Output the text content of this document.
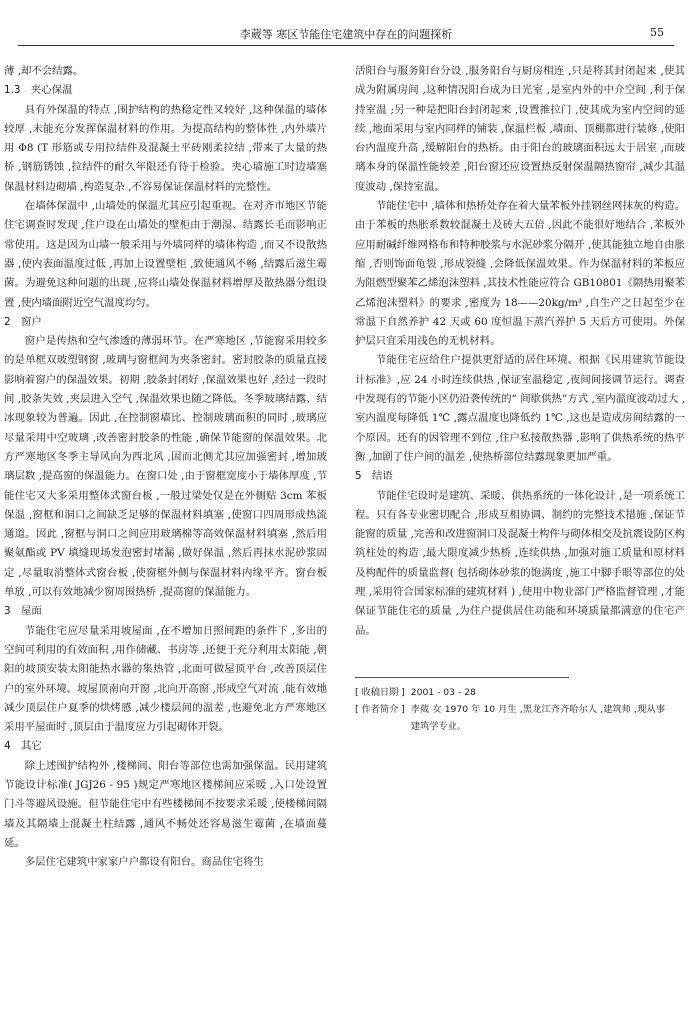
李葳等 寒区节能住宅建筑中存在的问题探析	55

薄 ,却不会结露。

1.3　夹心保温

具有外保温的特点 ,围护结构的热稳定性又较好 ,这种保温的墙体较厚 ,未能充分发挥保温材料的作用。为提高结构的整体性 ,内外墙片用 Φ8 (T 形筋或专用拉结件及混凝土平砖刚柔拉结 ,带来了大量的热桥 ,钢筋锈蚀 ,拉结件的耐久年限还有待于检验。夹心墙施工时边墙塞保温材料边砌墙 ,构造复杂 ,不容易保证保温材料的完整性。

在墙体保温中 ,山墙处的保温尤其应引起重视。在对齐市地区节能住宅调查时发现 ,住户设在山墙处的壁柜由于潮湿、结露长毛而影响正常使用。这是因为山墙一般采用与外墙同样的墙体构造 ,而又不设散热器 ,使内表面温度过低 ,再加上设置壁柜 ,致使通风不畅 ,结露后滋生霉菌。为避免这种问题的出现 ,应将山墙处保温材料增厚及散热器分组设置 ,使内墙面附近空气温度均匀。

2　窗户

窗户是传热和空气渗透的薄弱环节。在严寒地区 ,节能窗采用较多的是单框双玻塑钢窗 ,玻璃与窗框间为夹条密封。密封胶条的质量直接影响着窗户的保温效果。初期 ,胶条封闭好 ,保温效果也好 ,经过一段时间 ,胶条失效 ,夹层进入空气 ,保温效果也随之降低。冬季玻璃结露、结冰现象较为普遍。因此 ,在控制窗墙比、控制玻璃面积的同时 ,玻璃应尽量采用中空玻璃 ,改善密封胶条的性能 ,确保节能窗的保温效果。北方严寒地区冬季主导风向为西北风 ,因而北侧尤其应加强密封 ,增加玻璃层数 ,提高窗的保温能力。在窗口处 ,由于窗框宽度小于墙体厚度 ,节能住宅又大多采用整体式窗台板 ,一般过梁处仅是在外侧贴 3cm 苯板保温 ,窗框和洞口之间缺乏足够的保温材料填塞 ,使窗口四周形成热流通道。因此 ,窗框与洞口之间应用玻璃棉等高效保温材料填塞 ,然后用聚氨酯或 PV 填缝现场发泡密封堵漏 ,做好保温 ,然后再抹水泥砂浆固定 ,尽量取消整体式窗台板 ,使窗框外侧与保温材料内缘平齐。窗台板单放 ,可以有效地减少窗周围热桥 ,提高窗的保温能力。

3　屋面

节能住宅应尽量采用坡屋面 ,在不增加日照间距的条件下 ,多出的空间可利用的有效面积 ,用作储藏、书房等 ,还便于充分利用太阳能 ,朝阳的坡顶安装太阳能热水器的集热管 ,北面可做屋顶平台 ,改善顶层住户的室外环境。坡屋顶南向开窗 ,北向开高窗 ,形成空气对流 ,能有效地减少顶层住户夏季的烘烤感 ,减少楼层间的温差 ,也避免北方严寒地区采用平屋面时 ,顶层由于温度应力引起砌体开裂。

4　其它

除上述围护结构外 ,楼梯间、阳台等部位也需加强保温。民用建筑节能设计标准( JGJ26 - 95 )规定严寒地区楼梯间应采暖 ,入口处设置门斗等避风设施。但节能住宅中有些楼梯间不按要求采暖 ,使楼梯间隔墙及其隔墙上混凝土柱结露 ,通风不畅处还容易滋生霉菌 ,在墙面蔓延。

多层住宅建筑中家家户户都设有阳台。商品住宅将生

活阳台与服务阳台分设 ,服务阳台与厨房相连 ,只是将其封闭起来 ,使其成为附属房间 ,这种情况阳台成为日光室 ,是室内外的中介空间 ,利于保持室温 ;另一种是把阳台封闭起来 ,设置推拉门 ,使其成为室内空间的延续 ,地面采用与室内同样的铺装 ,保温栏板 ,墙面、顶棚都进行装修 ,使阳台内温度升高 ,缓解阳台的热桥。由于阳台的玻璃面积远大于居室 ,而玻璃本身的保温性能较差 ,阳台窗还应设置热反射保温隔热窗帘 ,减少其温度波动 ,保持室温。

节能住宅中 ,墙体和热桥处存在着大量苯板外挂钢丝网抹灰的构造。由于苯板的热胀系数较混凝土及砖大五倍 ,因此不能很好地结合 ,苯板外应用耐碱纤维网格布和特种胶浆与水泥砂浆分隔开 ,使其能独立地自由胀缩 ,否则饰面龟裂 ,形成裂缝 ,会降低保温效果。作为保温材料的苯板应为阻燃型聚苯乙烯泡沫塑料 ,其技术性能应符合 GB10801《隔热用聚苯乙烯泡沫塑料》的要求 ,密度为 18——20kg/m³ ,自生产之日起至少在常温下自然养护 42 天或 60 度恒温下蒸汽养护 5 天后方可使用。外保护层只宜采用浅色的无机材料。

节能住宅应给住户提供更舒适的居住环境。根据《民用建筑节能设计标准》,应 24 小时连续供热 ,保证室温稳定 ,夜间间接调节运行。调查中发现有的节能小区仍沿袭传统的“ 间歇供热”方式 ,室内温度波动过大 ,室内温度每降低 1℃ ,露点温度也降低约 1℃ ,这也是造成房间结露的一个原因。还有的因管理不到位 ,住户私接散热器 ,影响了供热系统的热平衡 ,加剧了住户间的温差 ,使热桥部位结露现象更加严重。

5　结语

节能住宅设时是建筑、采暖、供热系统的一体化设计 ,是一项系统工程。只有各专业密切配合 ,形成互相协调、制约的完整技术措施 ,保证节能窗的质量 ,完善和改进窗洞口及混凝土构件与砌体相交及抗震设防区构筑柱处的构造 ,最大限度减少热桥 ,连续供热 ,加强对施工质量和原材料及构配件的质量监督( 包括砌体砂浆的饱满度 ,施工中脚手眼等部位的处理 ,采用符合国家标准的建筑材料 ) ,使用中物业部门严格监督管理 ,才能保证节能住宅的质量 ,为住户提供居住功能和环境质量都满意的住宅产品。

[ 收稿日期 ] 2001 - 03 - 28
[ 作者简介 ] 李葳 女 1970 年 10 月生 ,黑龙江齐齐哈尔人 ,建筑师 ,现从事建筑学专业。
